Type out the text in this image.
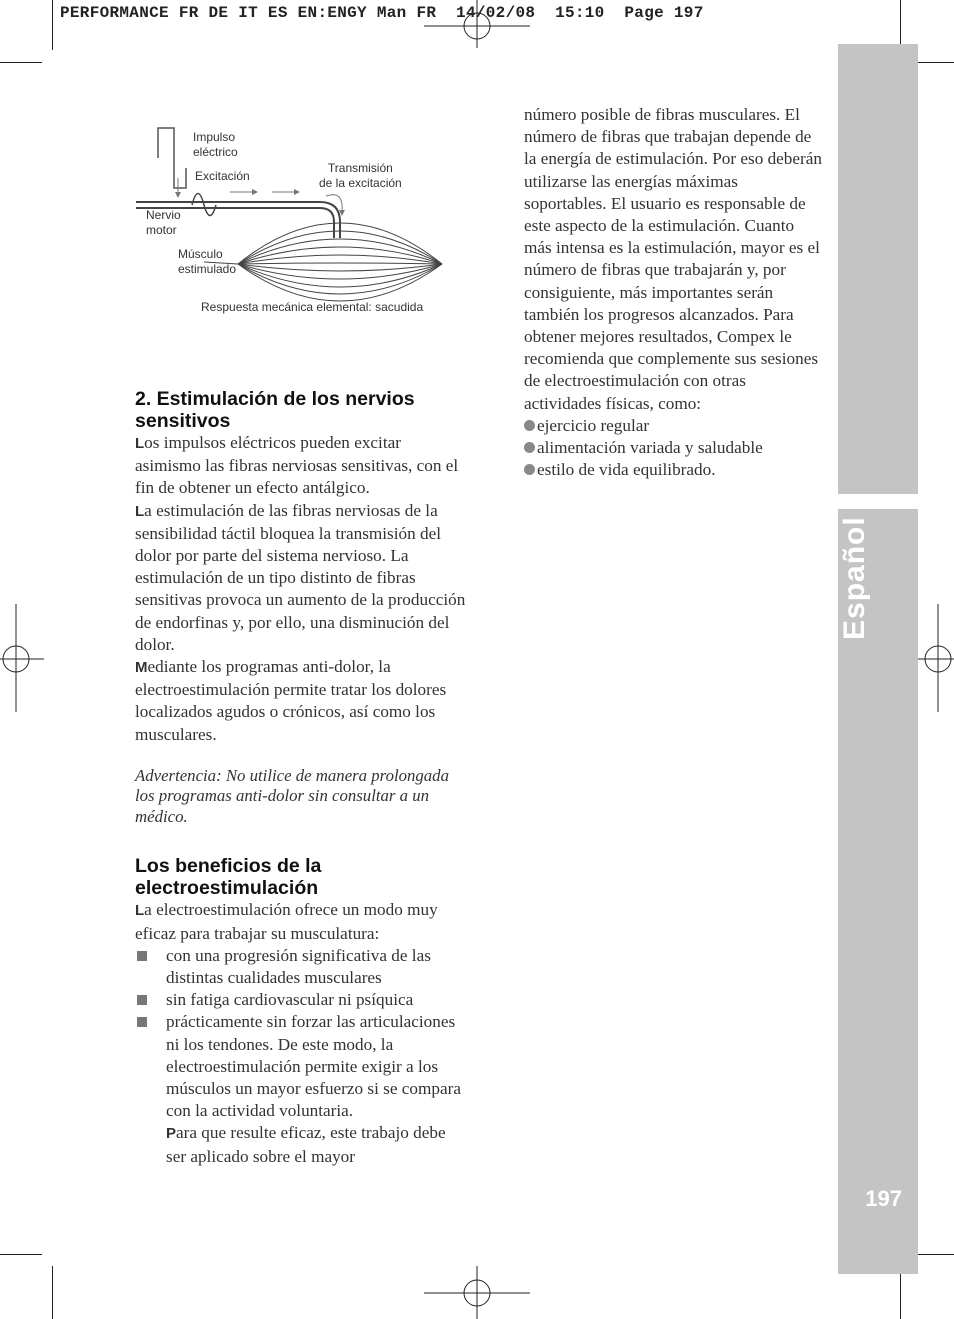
PERFORMANCE FR DE IT ES EN:ENGY Man FR  14/02/08  15:10  Page 197
Español
197
Impulso
eléctrico
Excitación
Transmisión
de la excitación
Nervio
motor
Músculo
estimulado
Respuesta mecánica elemental: sacudida
2. Estimulación de los nervios sensitivos

Los impulsos eléctricos pueden excitar asimismo las fibras nerviosas sensitivas, con el fin de obtener un efecto antálgico.

La estimulación de las fibras nerviosas de la sensibilidad táctil bloquea la transmisión del dolor por parte del sistema nervioso. La estimulación de un tipo distinto de fibras sensitivas provoca un aumento de la producción de endorfinas y, por ello, una disminución del dolor.

Mediante los programas anti-dolor, la electroestimulación permite tratar los dolores localizados agudos o crónicos, así como los musculares.

Advertencia: No utilice de manera prolongada los programas anti-dolor sin consultar a un médico.

Los beneficios de la electroestimulación

La electroestimulación ofrece un modo muy eficaz para trabajar su musculatura:

con una progresión significativa de las distintas cualidades musculares
sin fatiga cardiovascular ni psíquica
prácticamente sin forzar las articulaciones ni los tendones. De este modo, la electroestimulación permite exigir a los músculos un mayor esfuerzo si se compara con la actividad voluntaria.
Para que resulte eficaz, este trabajo debe ser aplicado sobre el mayor

número posible de fibras musculares. El número de fibras que trabajan depende de la energía de estimulación. Por eso deberán utilizarse las energías máximas soportables. El usuario es responsable de este aspecto de la estimulación. Cuanto más intensa es la estimulación, mayor es el número de fibras que trabajarán y, por consiguiente, más importantes serán también los progresos alcanzados. Para obtener mejores resultados, Compex le recomienda que complemente sus sesiones de electroestimulación con otras actividades físicas, como:

ejercicio regular
alimentación variada y saludable
estilo de vida equilibrado.
